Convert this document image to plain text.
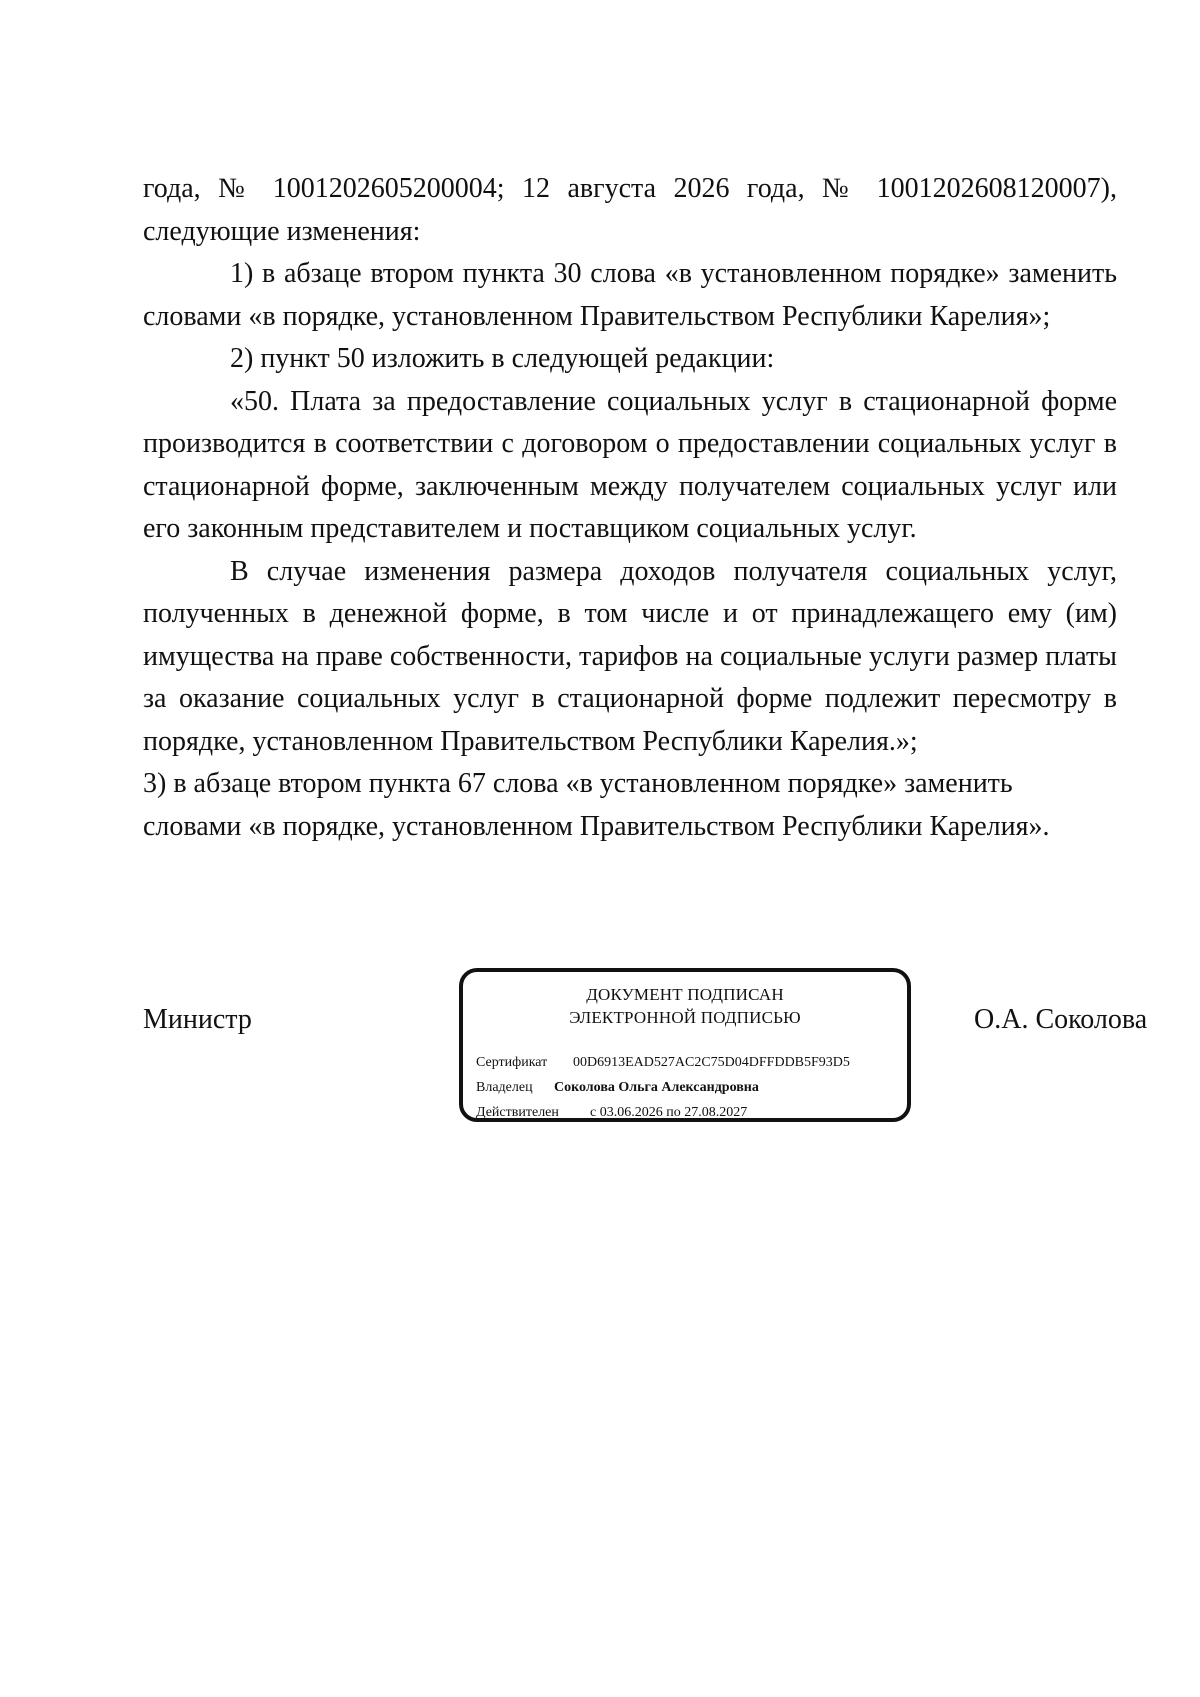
года, № 1001202605200004; 12 августа 2026 года, № 1001202608120007),
следующие изменения:

1) в абзаце втором пункта 30 слова «в установленном порядке» заменить словами «в порядке, установленном Правительством Республики Карелия»;

2) пункт 50 изложить в следующей редакции:

«50. Плата за предоставление социальных услуг в стационарной форме производится в соответствии с договором о предоставлении социальных услуг в стационарной форме, заключенным между получателем социальных услуг или его законным представителем и поставщиком социальных услуг.

В случае изменения размера доходов получателя социальных услуг, полученных в денежной форме, в том числе и от принадлежащего ему (им) имущества на праве собственности, тарифов на социальные услуги размер платы за оказание социальных услуг в стационарной форме подлежит пересмотру в порядке, установленном Правительством Республики Карелия.»;

3) в абзаце втором пункта 67 слова «в установленном порядке» заменить
словами «в порядке, установленном Правительством Республики Карелия».

Министр
ДОКУМЕНТ ПОДПИСАН
ЭЛЕКТРОННОЙ ПОДПИСЬЮ
Сертификат 00D6913EAD527AC2C75D04DFFDDB5F93D5
Владелец Соколова Ольга Александровна
Действителен с 03.06.2026 по 27.08.2027
О.А. Соколова
